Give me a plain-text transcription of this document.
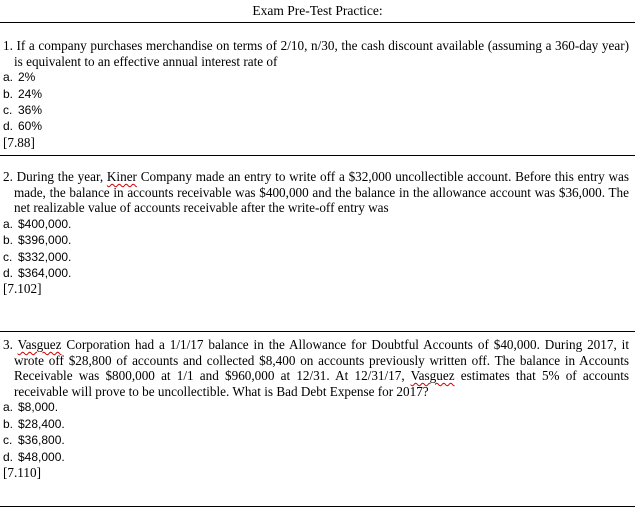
Exam Pre-Test Practice:
1. If a company purchases merchandise on terms of 2/10, n/30, the cash discount available (assuming a 360-day year) is equivalent to an effective annual interest rate of
a. 2%
b. 24%
c. 36%
d. 60%
[7.88]
2. During the year, Kiner Company made an entry to write off a $32,000 uncollectible account. Before this entry was made, the balance in accounts receivable was $400,000 and the balance in the allowance account was $36,000. The net realizable value of accounts receivable after the write-off entry was
a. $400,000.
b. $396,000.
c. $332,000.
d. $364,000.
[7.102]
3. Vasguez Corporation had a 1/1/17 balance in the Allowance for Doubtful Accounts of $40,000. During 2017, it wrote off $28,800 of accounts and collected $8,400 on accounts previously written off. The balance in Accounts Receivable was $800,000 at 1/1 and $960,000 at 12/31. At 12/31/17, Vasguez estimates that 5% of accounts receivable will prove to be uncollectible. What is Bad Debt Expense for 2017?
a. $8,000.
b. $28,400.
c. $36,800.
d. $48,000.
[7.110]
